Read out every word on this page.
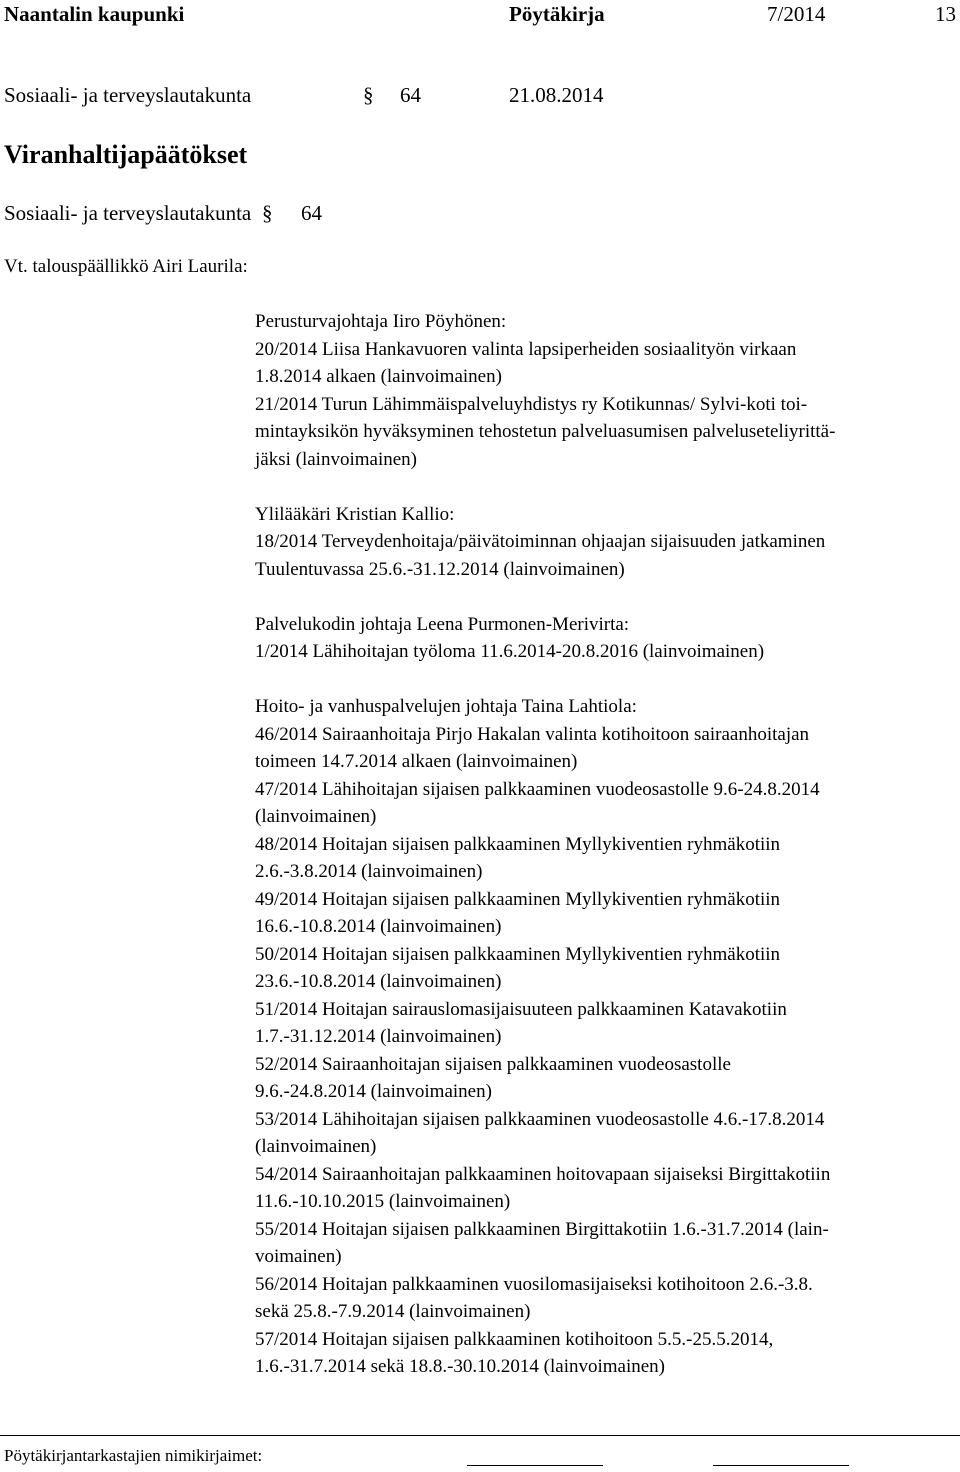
Naantalin kaupunki	Pöytäkirja	7/2014	13
Sosiaali- ja terveyslautakunta	§ 64	21.08.2014
Viranhaltijapäätökset
Sosiaali- ja terveyslautakunta § 64
Vt. talouspäällikkö Airi Laurila:
Perusturvajohtaja Iiro Pöyhönen:
20/2014 Liisa Hankavuoren valinta lapsiperheiden sosiaalityön virkaan
1.8.2014 alkaen (lainvoimainen)
21/2014 Turun Lähimmäispalveluyhdistys ry Kotikunnas/ Sylvi-koti toi-
mintayksikön hyväksyminen tehostetun palveluasumisen palveluseteliyrittä-
jäksi (lainvoimainen)
Ylilääkäri Kristian Kallio:
18/2014 Terveydenhoitaja/päivätoiminnan ohjaajan sijaisuuden jatkaminen
Tuulentuvassa 25.6.-31.12.2014 (lainvoimainen)
Palvelukodin johtaja Leena Purmonen-Merivirta:
1/2014 Lähihoitajan työloma 11.6.2014-20.8.2016 (lainvoimainen)
Hoito- ja vanhuspalvelujen johtaja Taina Lahtiola:
46/2014 Sairaanhoitaja Pirjo Hakalan valinta kotihoitoon sairaanhoitajan
toimeen 14.7.2014 alkaen (lainvoimainen)
47/2014 Lähihoitajan sijaisen palkkaaminen vuodeosastolle 9.6-24.8.2014
(lainvoimainen)
48/2014 Hoitajan sijaisen palkkaaminen Myllykiventien ryhmäkotiin
2.6.-3.8.2014 (lainvoimainen)
49/2014 Hoitajan sijaisen palkkaaminen Myllykiventien ryhmäkotiin
16.6.-10.8.2014 (lainvoimainen)
50/2014 Hoitajan sijaisen palkkaaminen Myllykiventien ryhmäkotiin
23.6.-10.8.2014 (lainvoimainen)
51/2014 Hoitajan sairauslomasijaisuuteen palkkaaminen Katavakotiin
1.7.-31.12.2014 (lainvoimainen)
52/2014 Sairaanhoitajan sijaisen palkkaaminen vuodeosastolle
9.6.-24.8.2014 (lainvoimainen)
53/2014 Lähihoitajan sijaisen palkkaaminen vuodeosastolle 4.6.-17.8.2014
(lainvoimainen)
54/2014 Sairaanhoitajan palkkaaminen hoitovapaan sijaiseksi Birgittakotiin
11.6.-10.10.2015 (lainvoimainen)
55/2014 Hoitajan sijaisen palkkaaminen Birgittakotiin 1.6.-31.7.2014 (lain-
voimainen)
56/2014 Hoitajan palkkaaminen vuosilomasijaiseksi kotihoitoon 2.6.-3.8.
sekä 25.8.-7.9.2014 (lainvoimainen)
57/2014 Hoitajan sijaisen palkkaaminen kotihoitoon 5.5.-25.5.2014,
1.6.-31.7.2014 sekä 18.8.-30.10.2014 (lainvoimainen)
Pöytäkirjantarkastajien nimikirjaimet:
